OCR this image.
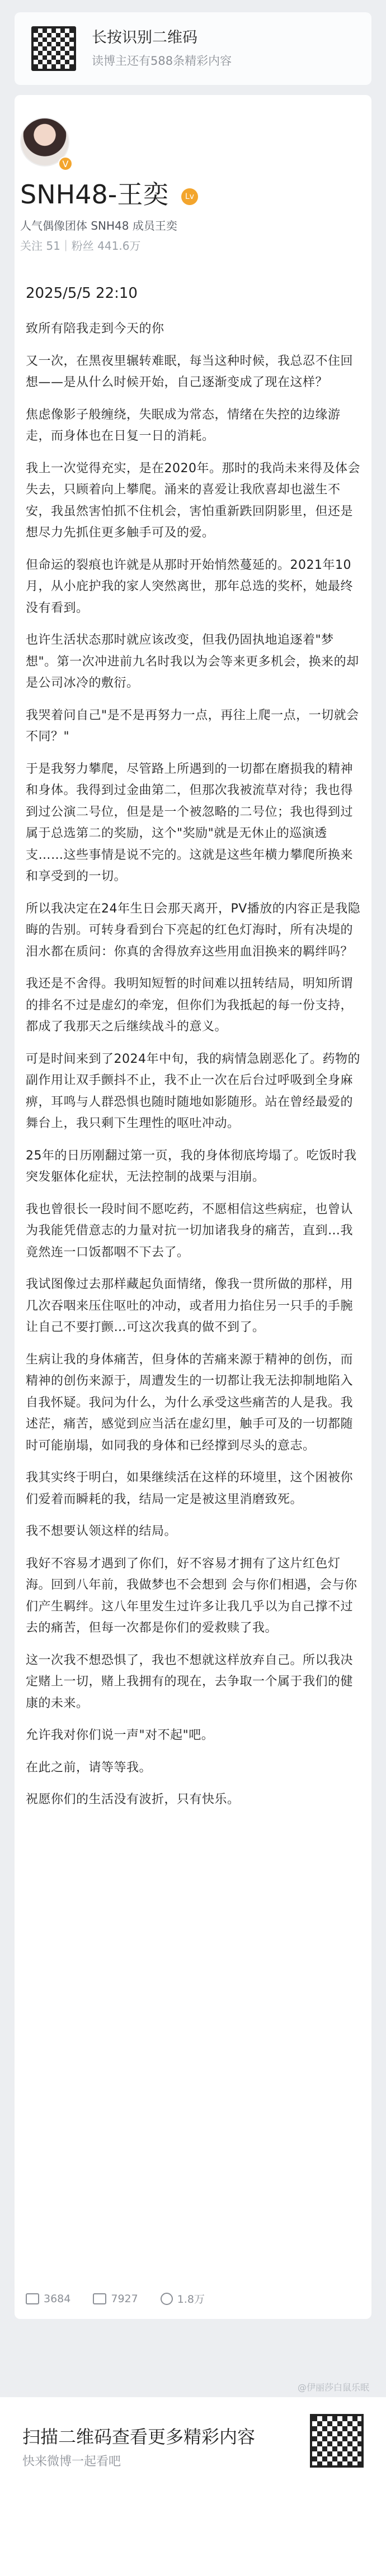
长按识别二维码
读博主还有588条精彩内容
V
SNH48-王奕 Lv
人气偶像团体 SNH48 成员王奕
关注 51｜粉丝 441.6万
2025/5/5 22:10

致所有陪我走到今天的你

又一次，在黑夜里辗转难眠，每当这种时候，我总忍不住回想——是从什么时候开始，自己逐渐变成了现在这样？

焦虑像影子般缠绕，失眠成为常态，情绪在失控的边缘游走，而身体也在日复一日的消耗。

我上一次觉得充实，是在2020年。那时的我尚未来得及体会失去，只顾着向上攀爬。涌来的喜爱让我欣喜却也滋生不安，我虽然害怕抓不住机会，害怕重新跌回阴影里，但还是想尽力先抓住更多触手可及的爱。

但命运的裂痕也许就是从那时开始悄然蔓延的。2021年10月，从小庇护我的家人突然离世，那年总选的奖杯，她最终没有看到。

也许生活状态那时就应该改变，但我仍固执地追逐着"梦想"。第一次冲进前九名时我以为会等来更多机会，换来的却是公司冰冷的敷衍。

我哭着问自己"是不是再努力一点，再往上爬一点，一切就会不同？"

于是我努力攀爬，尽管路上所遇到的一切都在磨损我的精神和身体。我得到过金曲第二，但那次我被流草对待；我也得到过公演二号位，但是是一个被忽略的二号位；我也得到过属于总选第二的奖励，这个"奖励"就是无休止的巡演透支……这些事情是说不完的。这就是这些年横力攀爬所换来和享受到的一切。

所以我决定在24年生日会那天离开，PV播放的内容正是我隐晦的告别。可转身看到台下亮起的红色灯海时，所有决堤的泪水都在质问：你真的舍得放弃这些用血泪换来的羁绊吗？

我还是不舍得。我明知短暂的时间难以扭转结局，明知所谓的排名不过是虚幻的牵宠，但你们为我抵起的每一份支持，都成了我那天之后继续战斗的意义。

可是时间来到了2024年中旬，我的病情急剧恶化了。药物的副作用让双手颤抖不止，我不止一次在后台过呼吸到全身麻痹，耳鸣与人群恐惧也随时随地如影随形。站在曾经最爱的舞台上，我只剩下生理性的呕吐冲动。

25年的日历刚翻过第一页，我的身体彻底垮塌了。吃饭时我突发躯体化症状，无法控制的战栗与泪崩。

我也曾很长一段时间不愿吃药，不愿相信这些病症，也曾认为我能凭借意志的力量对抗一切加诸我身的痛苦，直到…我竟然连一口饭都咽不下去了。

我试图像过去那样藏起负面情绪，像我一贯所做的那样，用几次吞咽来压住呕吐的冲动，或者用力掐住另一只手的手腕让自己不要打颤…可这次我真的做不到了。

生病让我的身体痛苦，但身体的苦痛来源于精神的创伤，而精神的创伤来源于，周遭发生的一切都让我无法抑制地陷入自我怀疑。我问为什么，为什么承受这些痛苦的人是我。我述茫，痛苦，感觉到应当活在虚幻里，触手可及的一切都随时可能崩塌，如同我的身体和已经撑到尽头的意志。

我其实终于明白，如果继续活在这样的环境里，这个困被你们爱着而瞬耗的我，结局一定是被这里消磨致死。

我不想要认领这样的结局。

我好不容易才遇到了你们，好不容易才拥有了这片红色灯海。回到八年前，我做梦也不会想到 会与你们相遇，会与你们产生羁绊。这八年里发生过许多让我几乎以为自己撑不过去的痛苦，但每一次都是你们的爱救赎了我。

这一次我不想恐惧了，我也不想就这样放弃自己。所以我决定赌上一切，赌上我拥有的现在，去争取一个属于我们的健康的未来。

允许我对你们说一声"对不起"吧。

在此之前，请等等我。

祝愿你们的生活没有波折，只有快乐。

3684	7927	1.8万
@伊丽莎白鼠乐眠
扫描二维码查看更多精彩内容
快来微博一起看吧
